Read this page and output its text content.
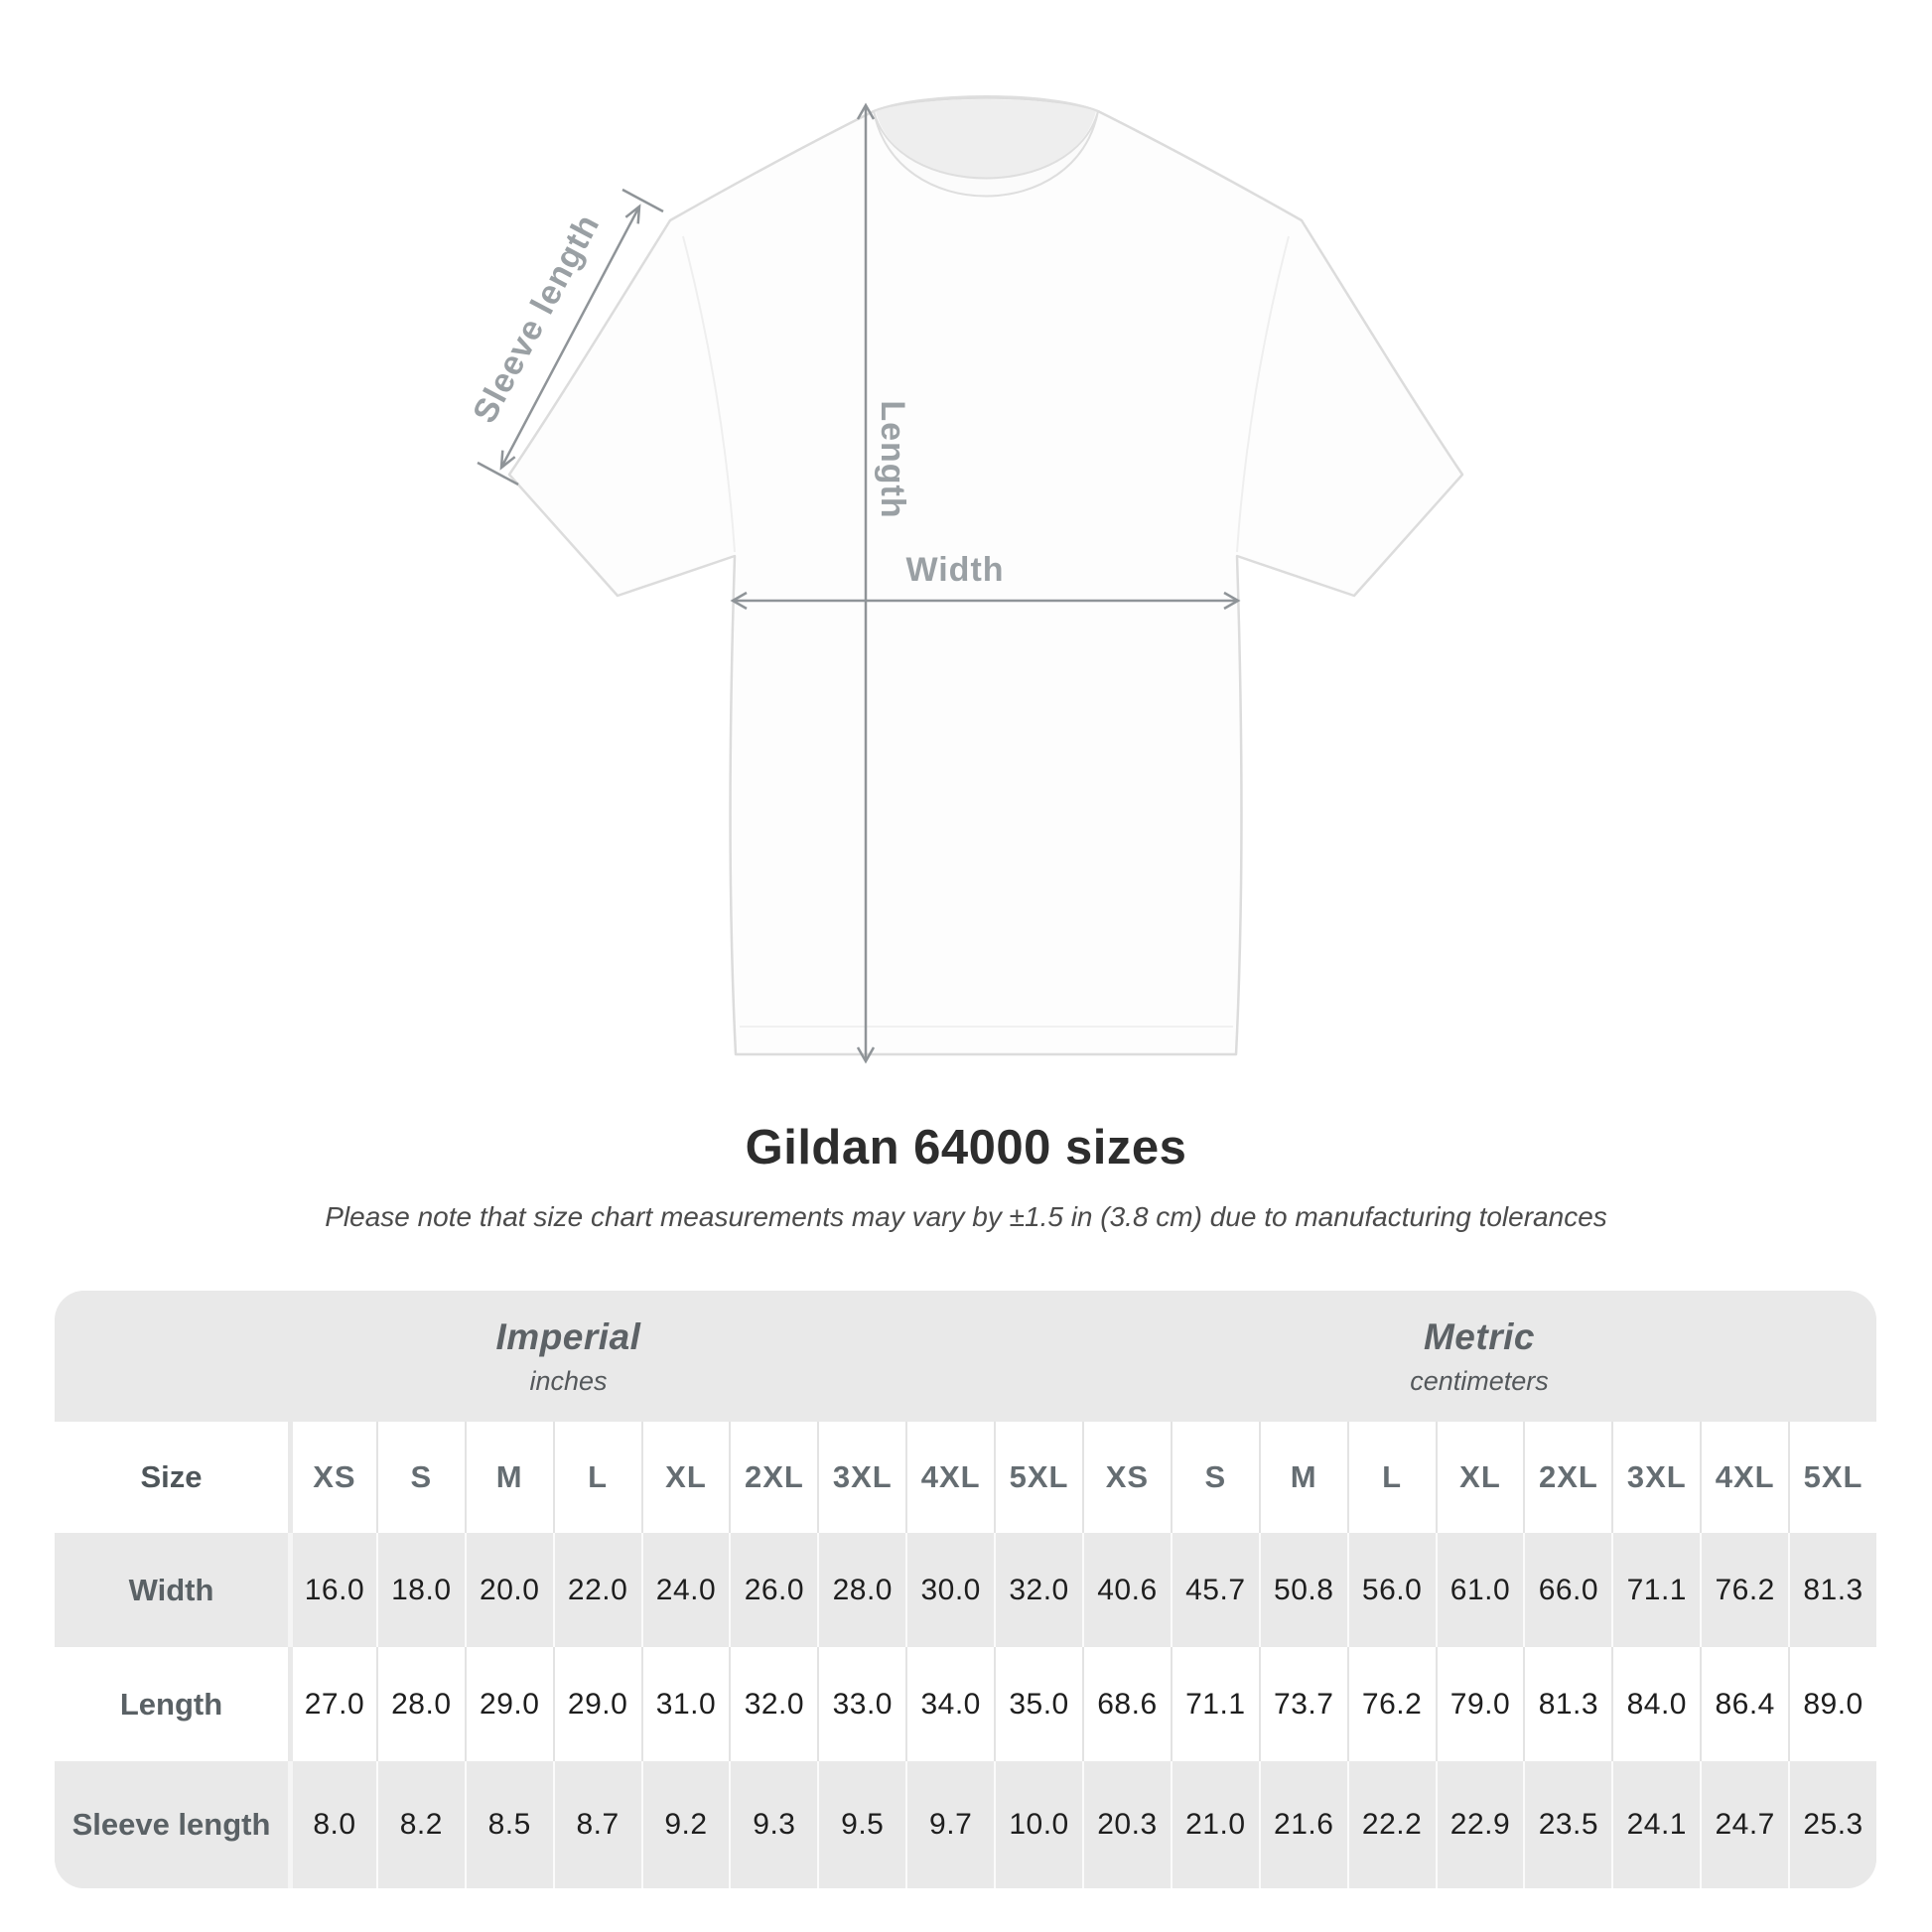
Width
Length
Sleeve length
Gildan 64000 sizes
Please note that size chart measurements may vary by ±1.5 in (3.8 cm) due to manufacturing tolerances
Imperial
inches
Metric
centimeters
Size	XS	S	M	L	XL	2XL 3XL 4XL 5XL	XS	S	M	L	XL	2XL 3XL 4XL 5XL
Width	16.0 18.0 20.0 22.0 24.0 26.0 28.0 30.0 32.0 40.6 45.7 50.8 56.0 61.0 66.0 71.1 76.2 81.3
Length	27.0 28.0 29.0 29.0 31.0 32.0 33.0 34.0 35.0 68.6 71.1 73.7 76.2 79.0 81.3 84.0 86.4 89.0
Sleeve length	8.0	8.2	8.5	8.7	9.2	9.3	9.5	9.7	10.0 20.3 21.0 21.6 22.2 22.9 23.5 24.1 24.7 25.3
